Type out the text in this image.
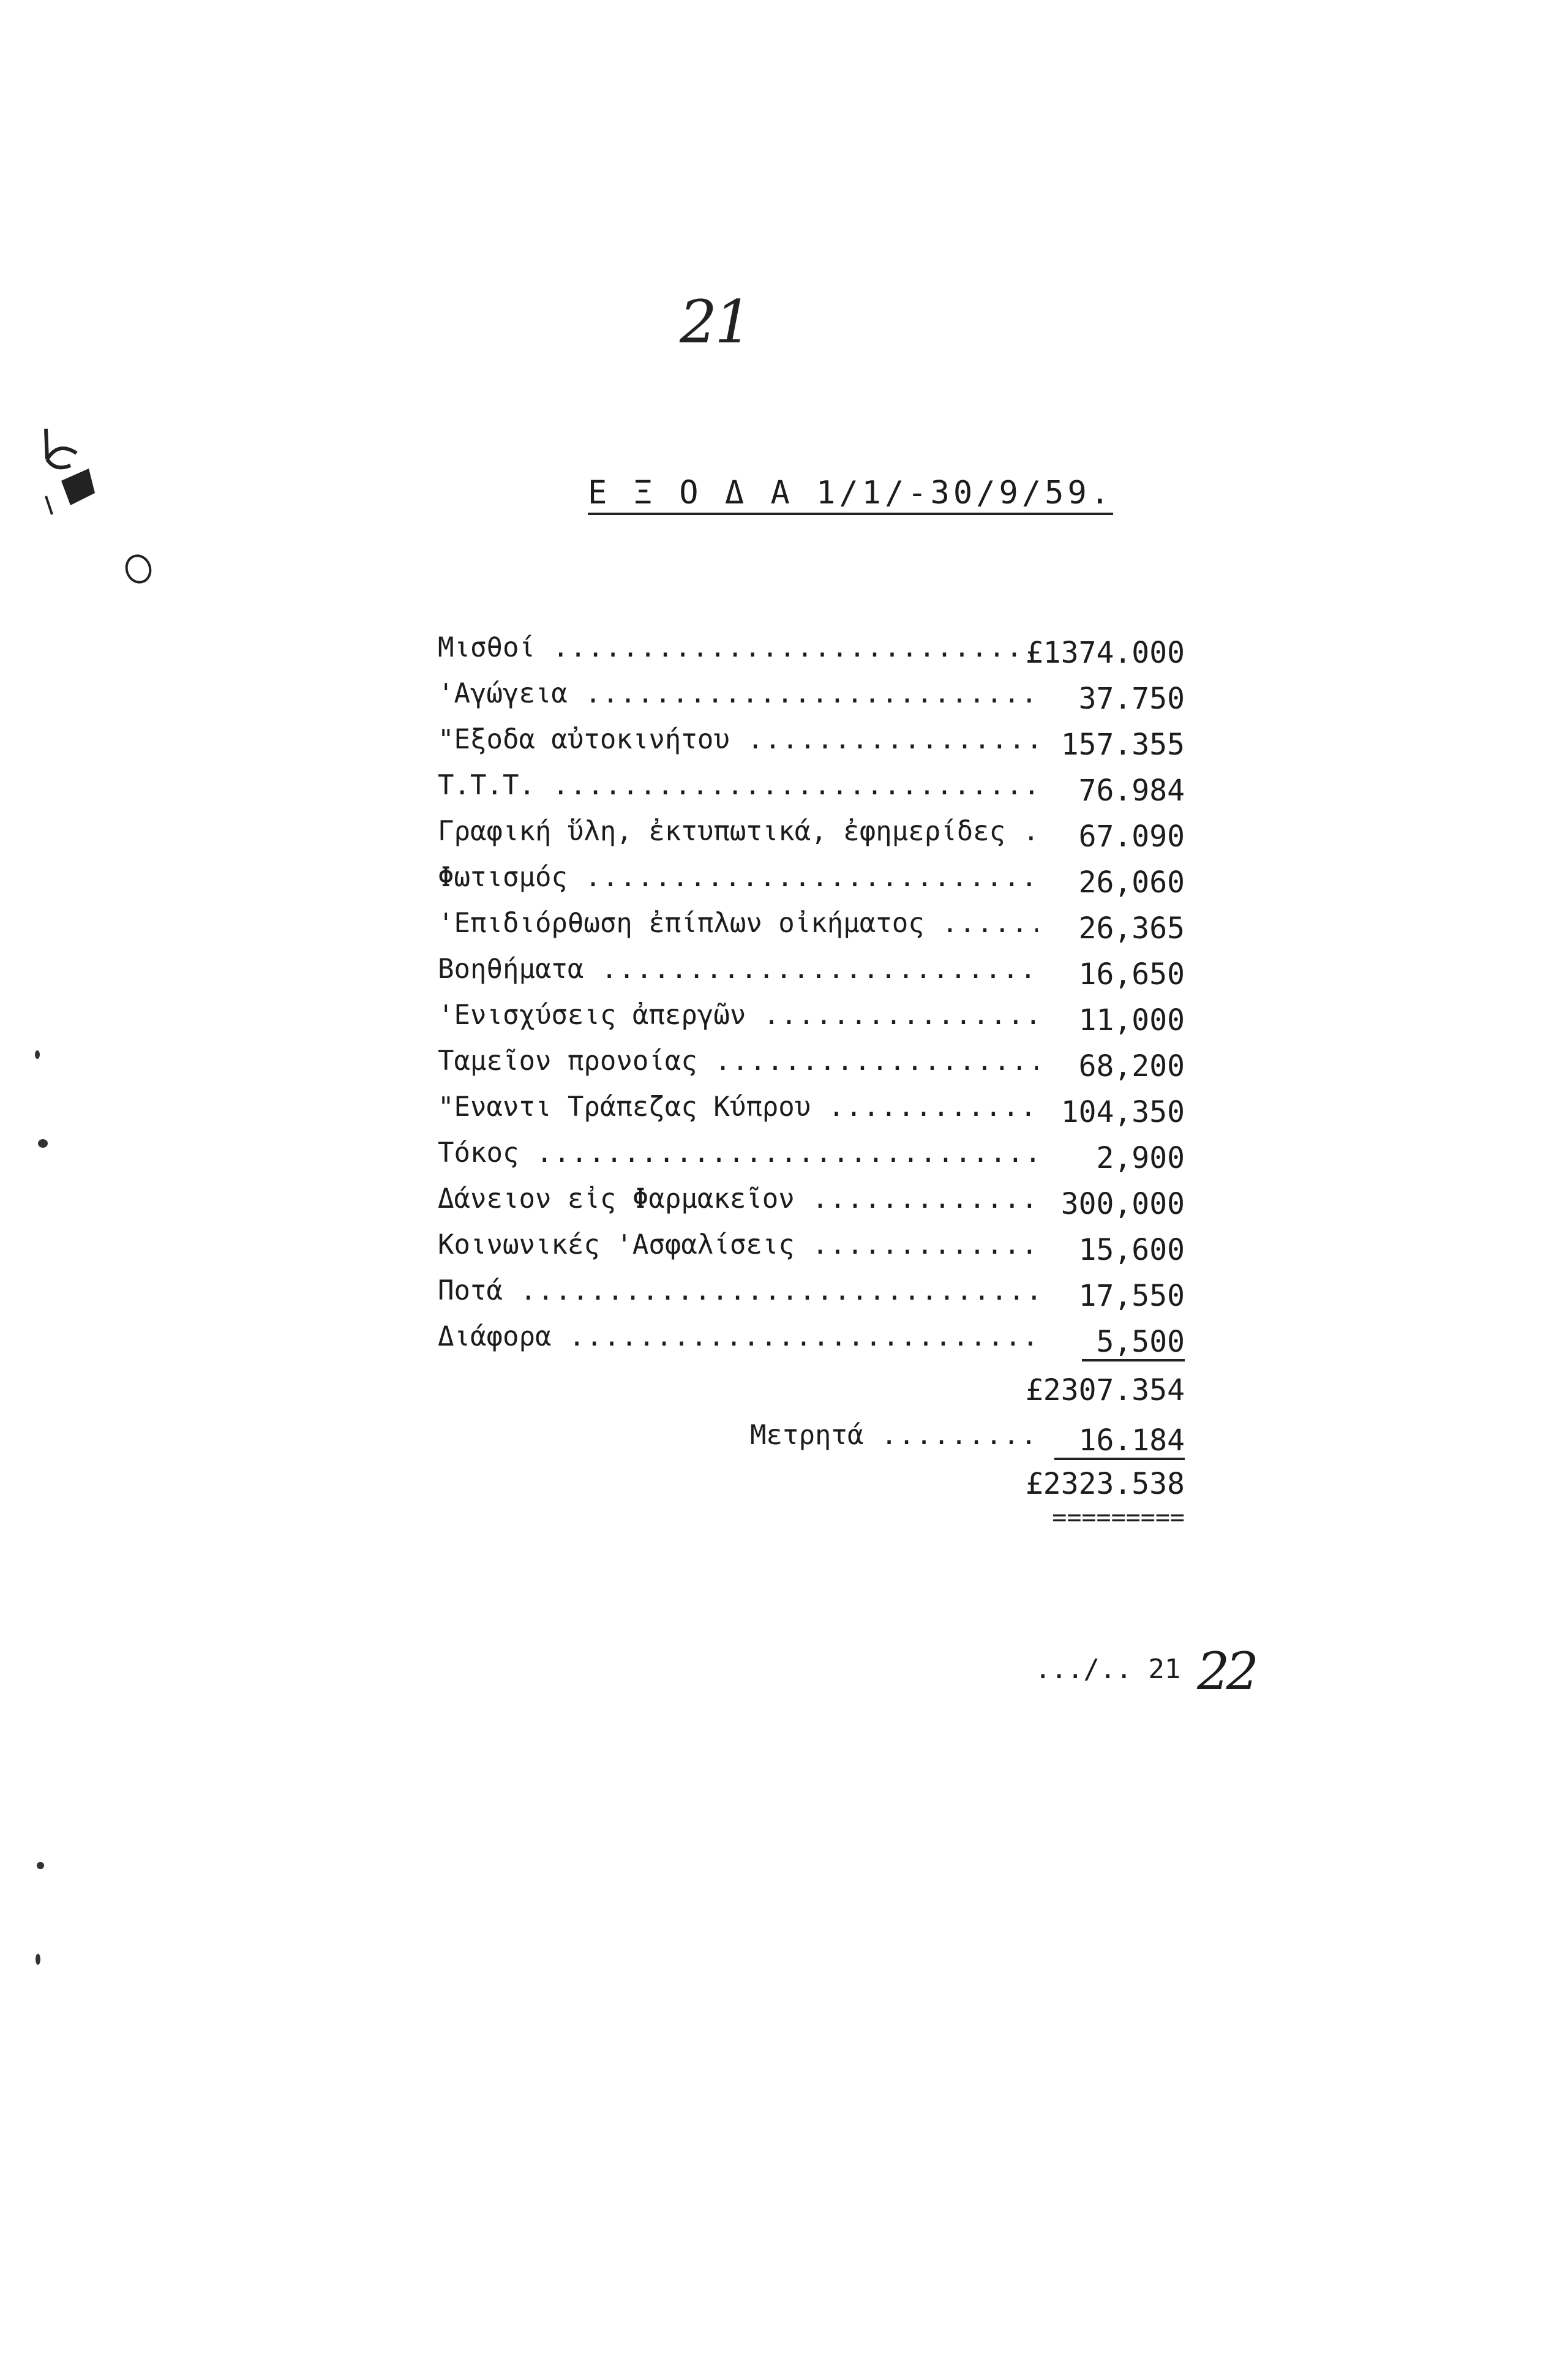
21
Ε Ξ Ο Δ Α 1/1/-30/9/59.
Μισθοί .....	£1374.000
'Αγώγεια .....	37.750
"Εξοδα αὐτοκινήτου .....	157.355
Τ.Τ.Τ. .....	76.984
Γραφική ὕλη, ἐκτυπωτικά, ἐφημερίδες .....	67.090
Φωτισμός .....	26,060
'Επιδιόρθωση ἐπίπλων οἰκήματος .....	26,365
Βοηθήματα .....	16,650
'Ενισχύσεις ἀπεργῶν .....	11,000
Ταμεῖον προνοίας .....	68,200
"Εναντι Τράπεζας Κύπρου .....	104,350
Τόκος .....	2,900
Δάνειον εἰς Φαρμακεῖον .....	300,000
Κοινωνικές 'Ασφαλίσεις .....	15,600
Ποτά .....	17,550
Διάφορα .....	5,500
£2307.354
Μετρητά .....	16.184
£2323.538
=========
.../.. 21 22
